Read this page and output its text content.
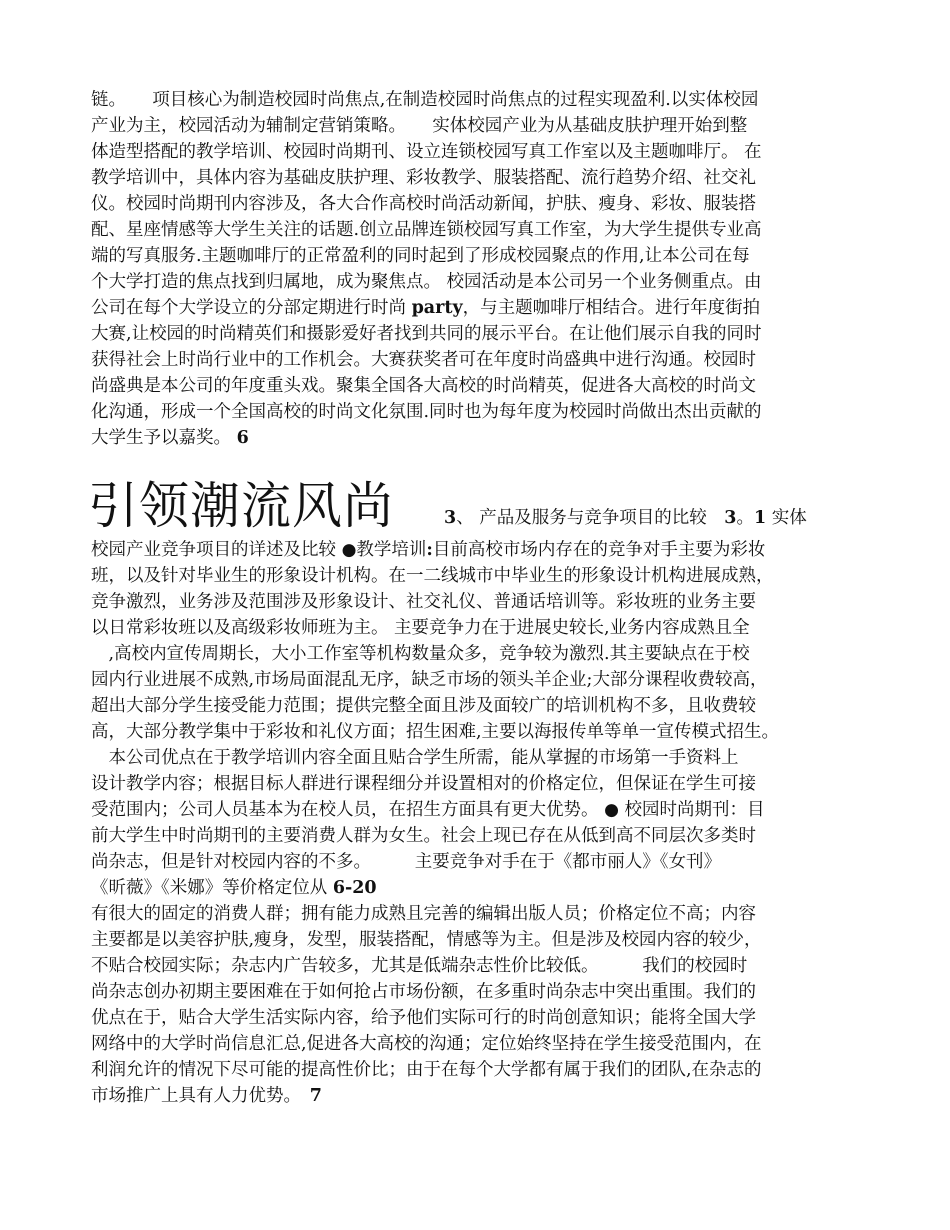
链。　　项目核心为制造校园时尚焦点,在制造校园时尚焦点的过程实现盈利.以实体校园
产业为主，校园活动为辅制定营销策略。　　实体校园产业为从基础皮肤护理开始到整
体造型搭配的教学培训、校园时尚期刊、设立连锁校园写真工作室以及主题咖啡厅。 在
教学培训中，具体内容为基础皮肤护理、彩妆教学、服装搭配、流行趋势介绍、社交礼
仪。校园时尚期刊内容涉及，各大合作高校时尚活动新闻，护肤、瘦身、彩妆、服装搭
配、星座情感等大学生关注的话题.创立品牌连锁校园写真工作室，为大学生提供专业高
端的写真服务.主题咖啡厅的正常盈利的同时起到了形成校园聚点的作用,让本公司在每
个大学打造的焦点找到归属地，成为聚焦点。 校园活动是本公司另一个业务侧重点。由
公司在每个大学设立的分部定期进行时尚 party，与主题咖啡厅相结合。进行年度街拍
大赛,让校园的时尚精英们和摄影爱好者找到共同的展示平台。在让他们展示自我的同时
获得社会上时尚行业中的工作机会。大赛获奖者可在年度时尚盛典中进行沟通。校园时
尚盛典是本公司的年度重头戏。聚集全国各大高校的时尚精英，促进各大高校的时尚文
化沟通，形成一个全国高校的时尚文化氛围.同时也为每年度为校园时尚做出杰出贡献的
大学生予以嘉奖。 6
引领潮流风尚	3、 产品及服务与竞争项目的比较　3。1 实体
校园产业竞争项目的详述及比较 ●教学培训:目前高校市场内存在的竞争对手主要为彩妆
班，以及针对毕业生的形象设计机构。在一二线城市中毕业生的形象设计机构进展成熟，
竞争激烈，业务涉及范围涉及形象设计、社交礼仪、普通话培训等。彩妆班的业务主要
以日常彩妆班以及高级彩妆师班为主。 主要竞争力在于进展史较长,业务内容成熟且全
　,高校内宣传周期长，大小工作室等机构数量众多，竞争较为激烈.其主要缺点在于校
园内行业进展不成熟,市场局面混乱无序，缺乏市场的领头羊企业;大部分课程收费较高，
超出大部分学生接受能力范围；提供完整全面且涉及面较广的培训机构不多，且收费较
高，大部分教学集中于彩妆和礼仪方面；招生困难,主要以海报传单等单一宣传模式招生。
　本公司优点在于教学培训内容全面且贴合学生所需，能从掌握的市场第一手资料上
设计教学内容；根据目标人群进行课程细分并设置相对的价格定位，但保证在学生可接
受范围内；公司人员基本为在校人员，在招生方面具有更大优势。 ● 校园时尚期刊：目
前大学生中时尚期刊的主要消费人群为女生。社会上现已存在从低到高不同层次多类时
尚杂志，但是针对校园内容的不多。　　　主要竞争对手在于《都市丽人》《女刊》
《昕薇》《米娜》等价格定位从 6-20
有很大的固定的消费人群；拥有能力成熟且完善的编辑出版人员；价格定位不高；内容
主要都是以美容护肤,瘦身，发型，服装搭配，情感等为主。但是涉及校园内容的较少，
不贴合校园实际；杂志内广告较多，尤其是低端杂志性价比较低。　　　我们的校园时
尚杂志创办初期主要困难在于如何抢占市场份额，在多重时尚杂志中突出重围。我们的
优点在于，贴合大学生活实际内容，给予他们实际可行的时尚创意知识；能将全国大学
网络中的大学时尚信息汇总,促进各大高校的沟通；定位始终坚持在学生接受范围内，在
利润允许的情况下尽可能的提高性价比；由于在每个大学都有属于我们的团队,在杂志的
市场推广上具有人力优势。　7
